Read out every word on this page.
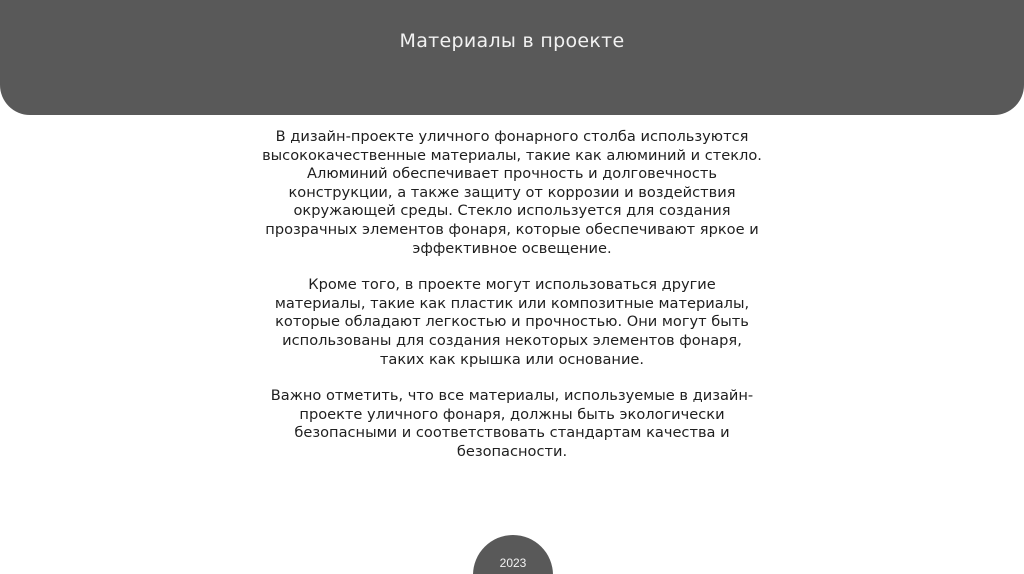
Материалы в проекте

В дизайн-проекте уличного фонарного столба используются высококачественные материалы, такие как алюминий и стекло. Алюминий обеспечивает прочность и долговечность конструкции, а также защиту от коррозии и воздействия окружающей среды. Стекло используется для создания прозрачных элементов фонаря, которые обеспечивают яркое и эффективное освещение.

Кроме того, в проекте могут использоваться другие материалы, такие как пластик или композитные материалы, которые обладают легкостью и прочностью. Они могут быть использованы для создания некоторых элементов фонаря, таких как крышка или основание.

Важно отметить, что все материалы, используемые в дизайн-проекте уличного фонаря, должны быть экологически безопасными и соответствовать стандартам качества и безопасности.

2023
